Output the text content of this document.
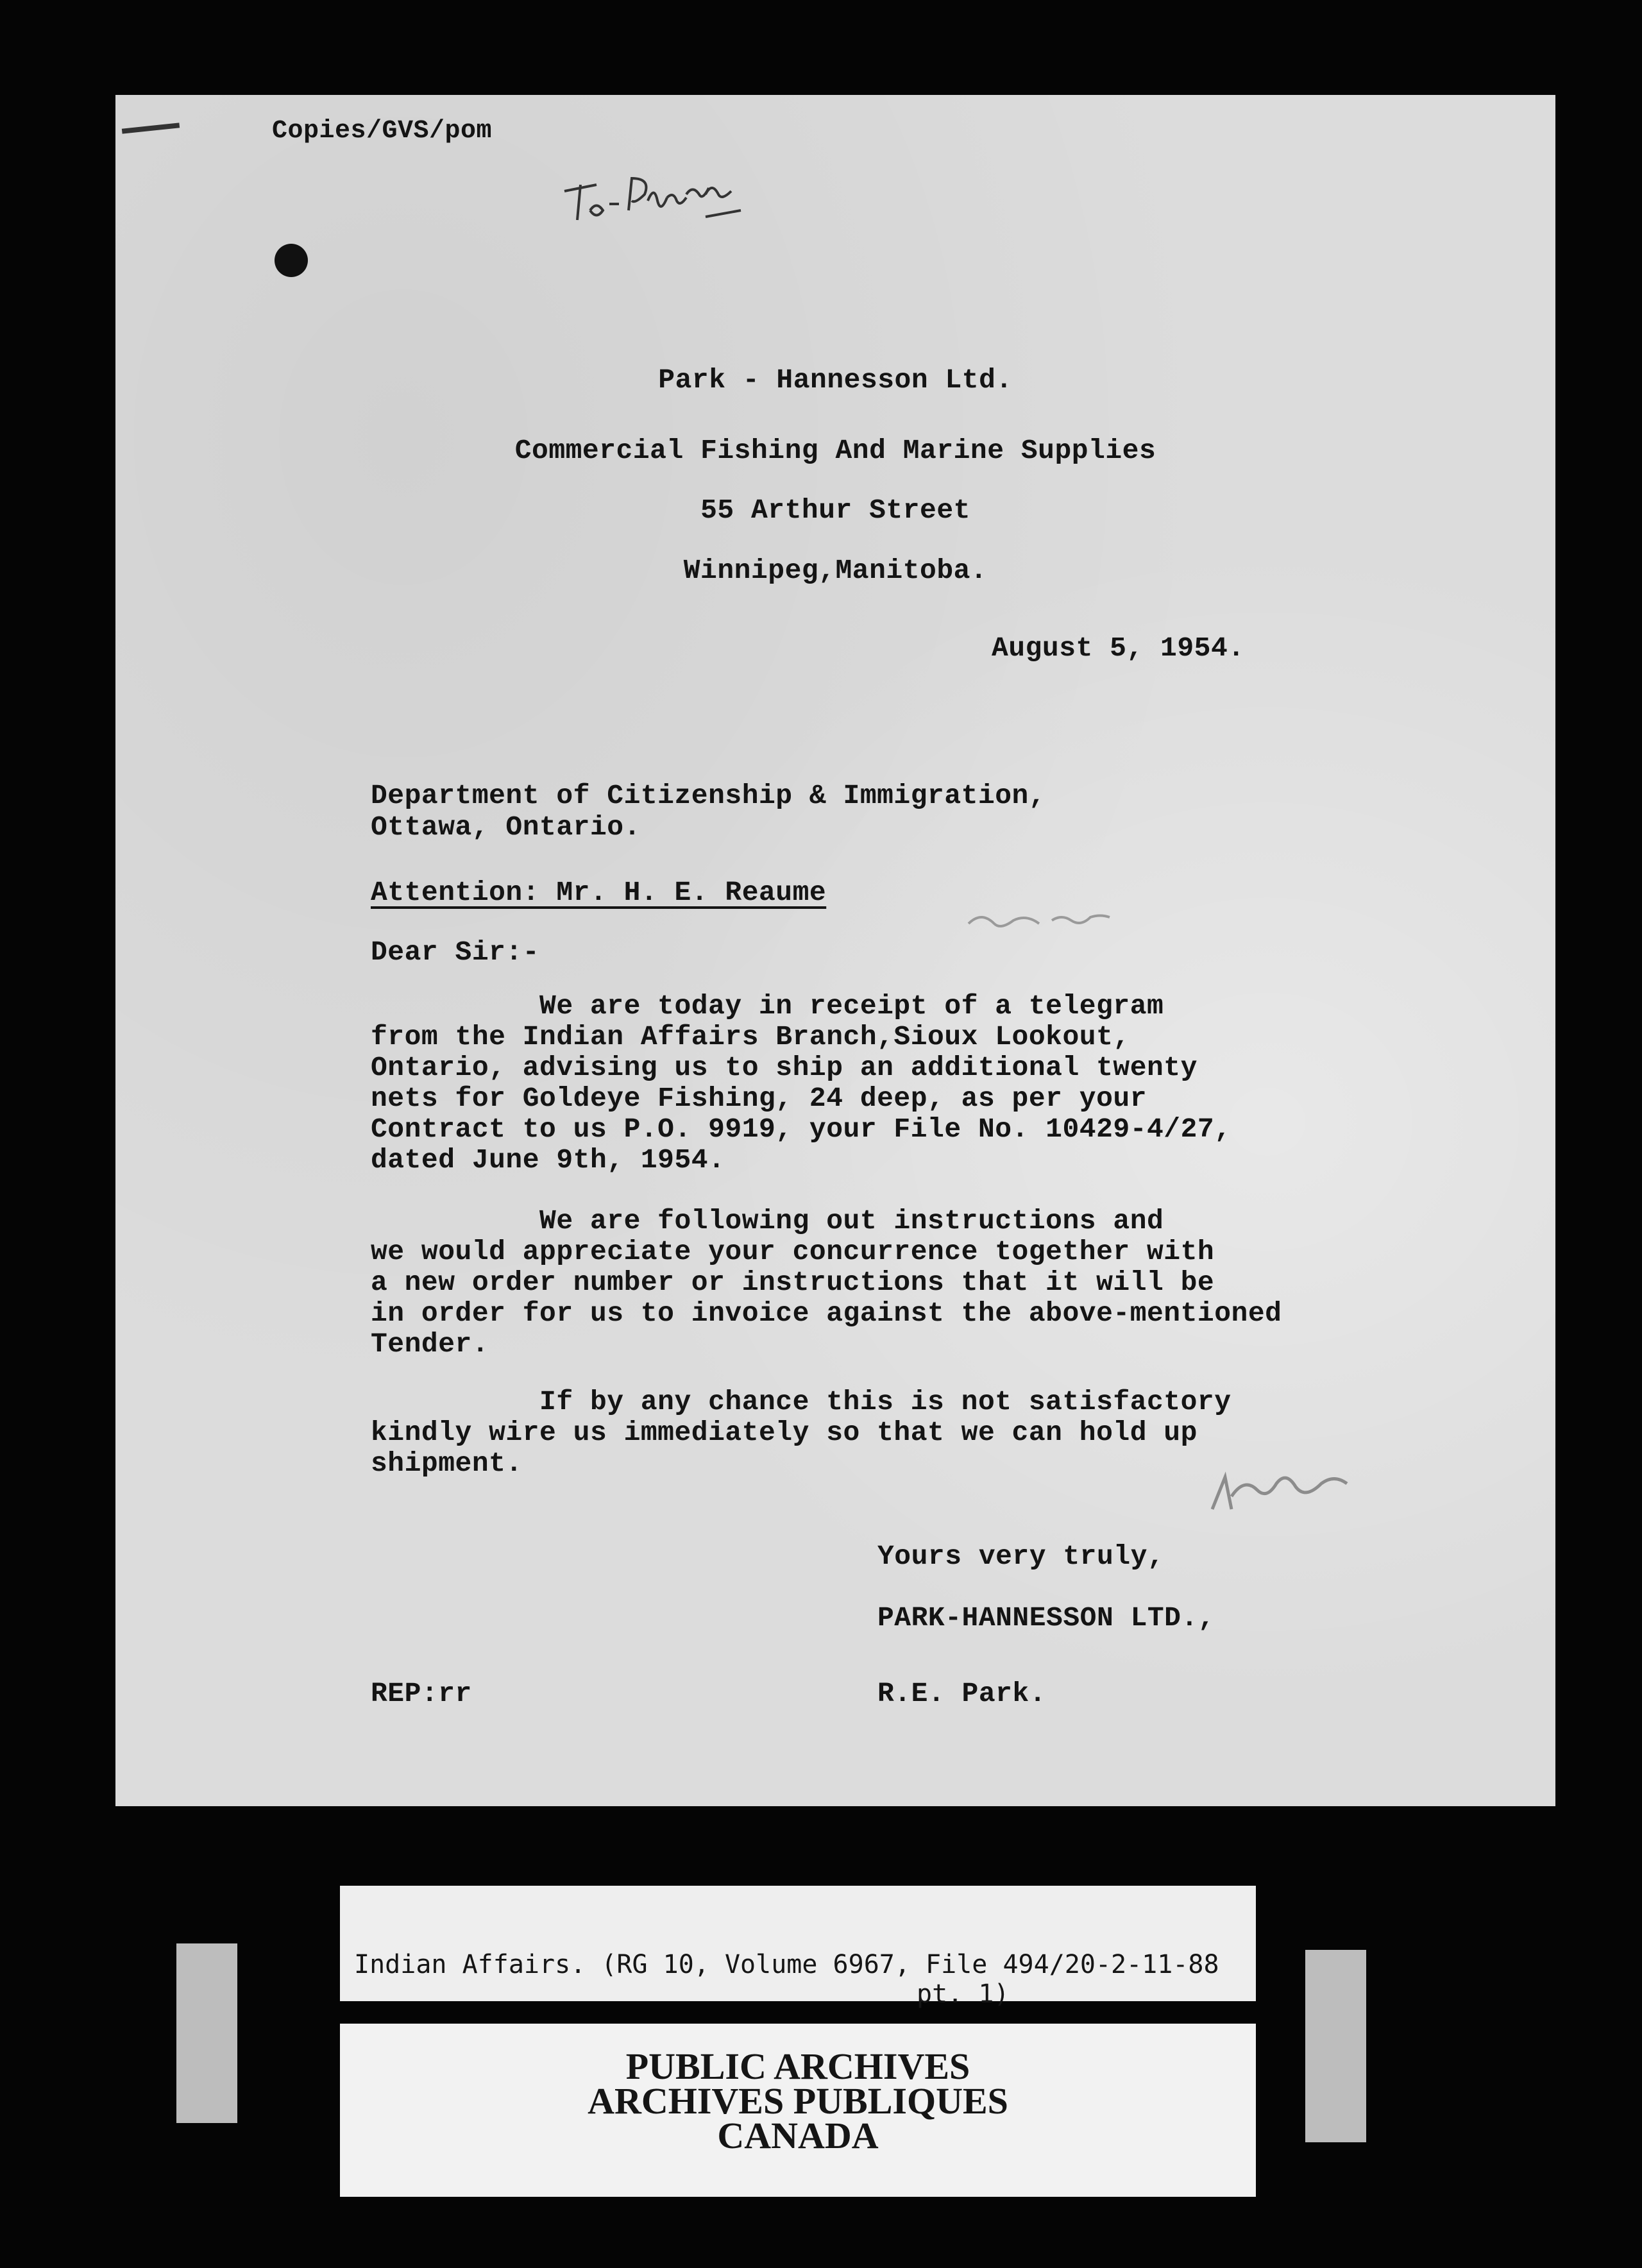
Copies/GVS/pom
Park - Hannesson Ltd.
Commercial Fishing And Marine Supplies
55 Arthur Street
Winnipeg,Manitoba.
August 5, 1954.
Department of Citizenship & Immigration,
Ottawa, Ontario.
Attention: Mr. H. E. Reaume
Dear Sir:-
We are today in receipt of a telegram
from the Indian Affairs Branch,Sioux Lookout,
Ontario, advising us to ship an additional twenty
nets for Goldeye Fishing, 24 deep, as per your
Contract to us P.O. 9919, your File No. 10429-4/27,
dated June 9th, 1954.
We are following out instructions and
we would appreciate your concurrence together with
a new order number or instructions that it will be
in order for us to invoice against the above-mentioned
Tender.
If by any chance this is not satisfactory
kindly wire us immediately so that we can hold up
shipment.
Yours very truly,
PARK-HANNESSON LTD.,
REP:rr	R.E. Park.
Indian Affairs. (RG 10, Volume 6967, File 494/20-2-11-88
pt. 1)
PUBLIC ARCHIVES
ARCHIVES PUBLIQUES
CANADA
